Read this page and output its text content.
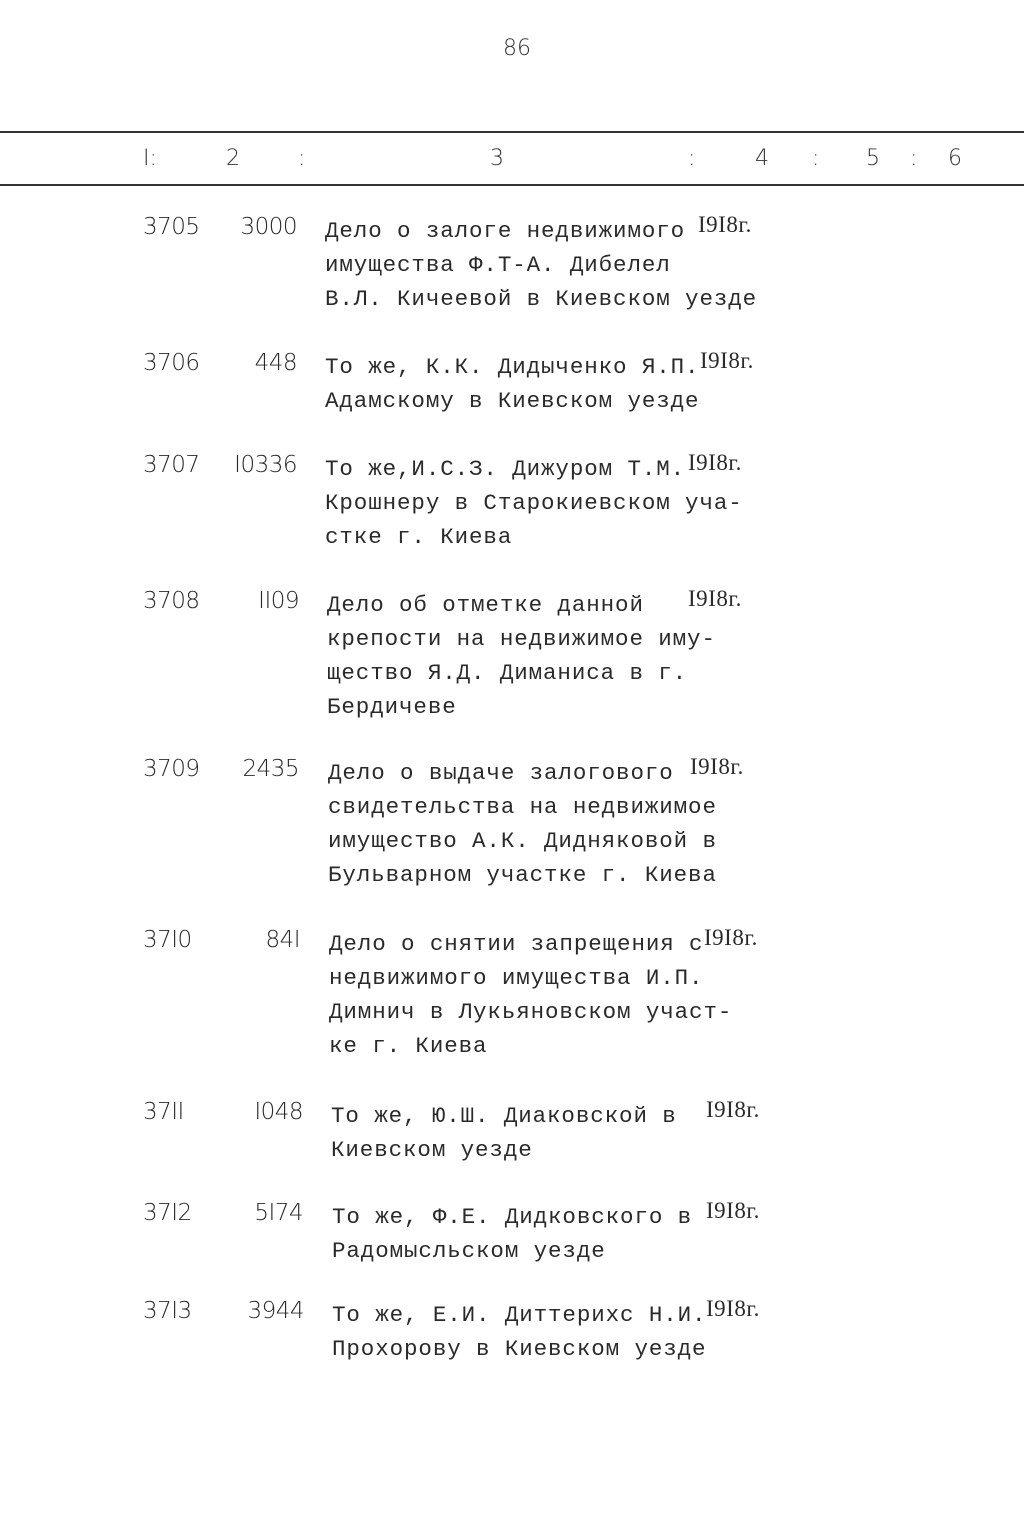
86
I:	2	:	3	:	4 : 5 : 6
3705 3000 Дело о залоге недвижимого
имущества Ф.Т-А. Дибелел
В.Л. Кичеевой в Киевском уезде
I9I8г.
3706 448 То же, К.К. Дидыченко Я.П.
Адамскому в Киевском уезде
I9I8г.
3707 I0336 То же,И.С.З. Дижуром Т.М.
Крошнеру в Старокиевском уча-
стке г. Киева
I9I8г.
3708	II09 Дело об отметке данной
крепости на недвижимое иму-
щество Я.Д. Диманиса в г.
Бердичеве
I9I8г.
3709 2435 Дело о выдаче залогового
свидетельства на недвижимое
имущество А.К. Дидняковой в
Бульварном участке г. Киева
I9I8г.
37I0	84I Дело о снятии запрещения с
недвижимого имущества И.П.
Димнич в Лукьяновском участ-
ке г. Киева
I9I8г.
37II	I048 То же, Ю.Ш. Диаковской в
Киевском уезде
I9I8г.
37I2	5I74 То же, Ф.Е. Дидковского в
Радомысльском уезде
I9I8г.
37I3 3944 То же, Е.И. Диттерихс Н.И.
Прохорову в Киевском уезде
I9I8г.
